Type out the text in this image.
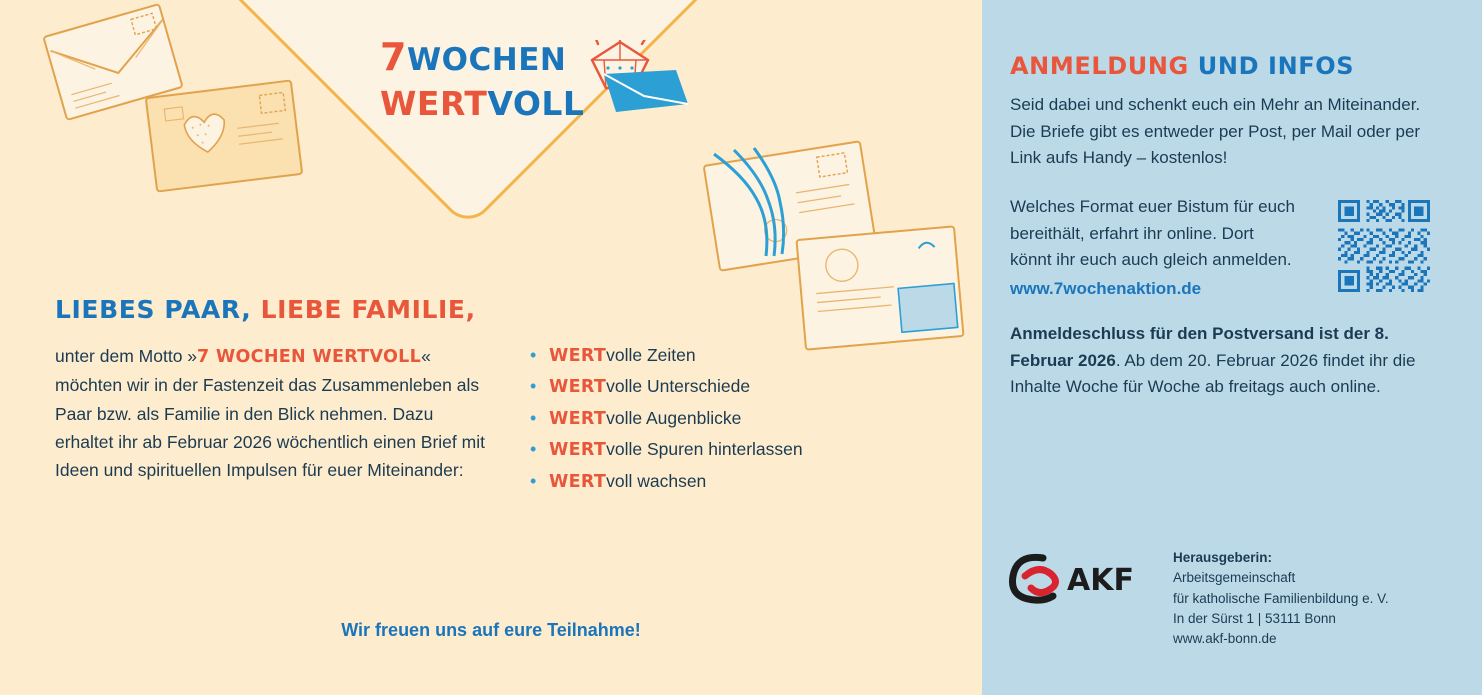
7WOCHEN
WERTVOLL
LIEBES PAAR, LIEBE FAMILIE,
unter dem Motto »7 WOCHEN WERTVOLL« möchten wir in der Fastenzeit das Zusammenleben als Paar bzw. als Familie in den Blick nehmen. Dazu erhaltet ihr ab Februar 2026 wöchentlich einen Brief mit Ideen und spirituellen Impulsen für euer Miteinander:
• WERTvolle Zeiten
• WERTvolle Unterschiede
• WERTvolle Augenblicke
• WERTvolle Spuren hinterlassen
• WERTvoll wachsen
Wir freuen uns auf eure Teilnahme!
ANMELDUNG UND INFOS

Seid dabei und schenkt euch ein Mehr an Miteinander. Die Briefe gibt es entweder per Post, per Mail oder per Link aufs Handy – kostenlos!

Welches Format euer Bistum für euch bereithält, erfahrt ihr online. Dort könnt ihr euch auch gleich anmelden.
www.7wochenaktion.de
Anmeldeschluss für den Postversand ist der 8. Februar 2026. Ab dem 20. Februar 2026 findet ihr die Inhalte Woche für Woche ab freitags auch online.
AKF
Herausgeberin:
Arbeitsgemeinschaft
für katholische Familienbildung e. V.
In der Sürst 1 | 53111 Bonn
www.akf-bonn.de
